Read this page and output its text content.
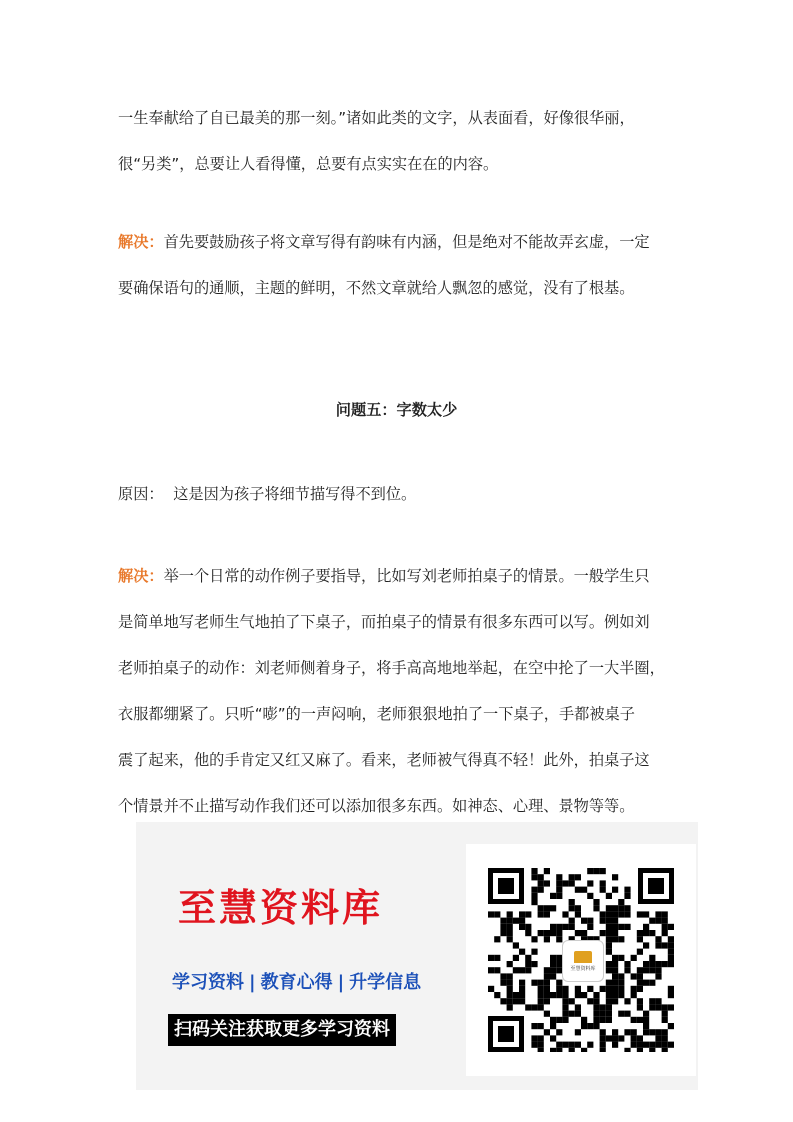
一生奉献给了自已最美的那一刻。”诸如此类的文字，从表面看，好像很华丽，
很“另类”，总要让人看得懂，总要有点实实在在的内容。
解决：首先要鼓励孩子将文章写得有韵味有内涵，但是绝对不能故弄玄虚，一定
要确保语句的通顺，主题的鲜明，不然文章就给人飘忽的感觉，没有了根基。

问题五：字数太少

原因：  这是因为孩子将细节描写得不到位。
解决：举一个日常的动作例子要指导，比如写刘老师拍桌子的情景。一般学生只
是简单地写老师生气地拍了下桌子，而拍桌子的情景有很多东西可以写。例如刘
老师拍桌子的动作：刘老师侧着身子，将手高高地地举起，在空中抡了一大半圈，
衣服都绷紧了。只听“嘭”的一声闷响，老师狠狠地拍了一下桌子，手都被桌子
震了起来，他的手肯定又红又麻了。看来，老师被气得真不轻！此外，拍桌子这
个情景并不止描写动作我们还可以添加很多东西。如神态、心理、景物等等。
至慧资料库
学习资料 | 教育心得 | 升学信息
扫码关注获取更多学习资料
至慧资料库
